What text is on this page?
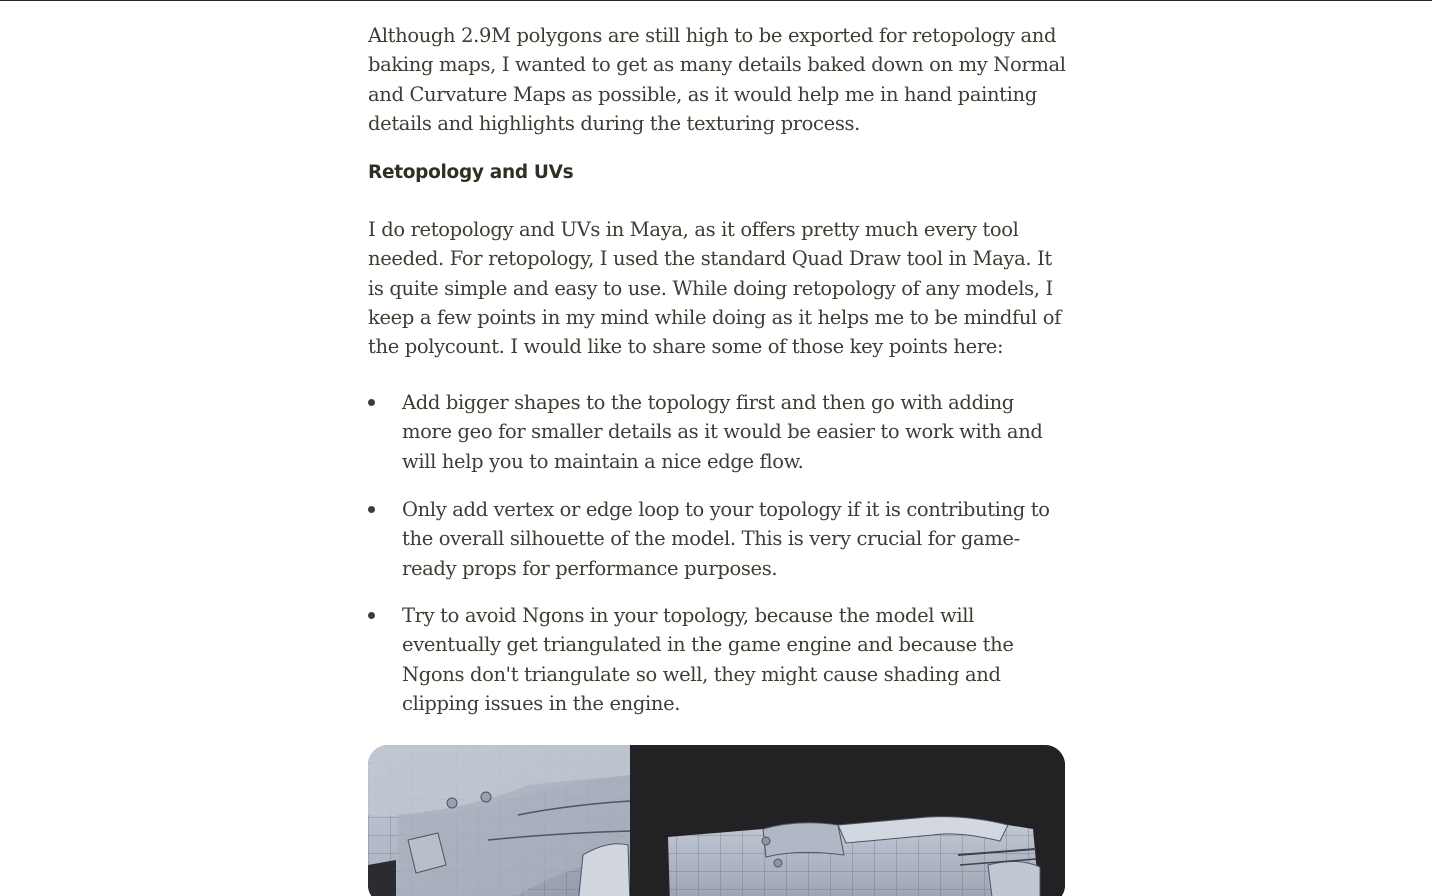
Although 2.9M polygons are still high to be exported for retopology and baking maps, I wanted to get as many details baked down on my Normal and Curvature Maps as possible, as it would help me in hand painting details and highlights during the texturing process.

Retopology and UVs

I do retopology and UVs in Maya, as it offers pretty much every tool needed. For retopology, I used the standard Quad Draw tool in Maya. It is quite simple and easy to use. While doing retopology of any models, I keep a few points in my mind while doing as it helps me to be mindful of the polycount. I would like to share some of those key points here:

Add bigger shapes to the topology first and then go with adding more geo for smaller details as it would be easier to work with and will help you to maintain a nice edge flow.
Only add vertex or edge loop to your topology if it is contributing to the overall silhouette of the model. This is very crucial for game-ready props for performance purposes.
Try to avoid Ngons in your topology, because the model will eventually get triangulated in the game engine and because the Ngons don't triangulate so well, they might cause shading and clipping issues in the engine.
